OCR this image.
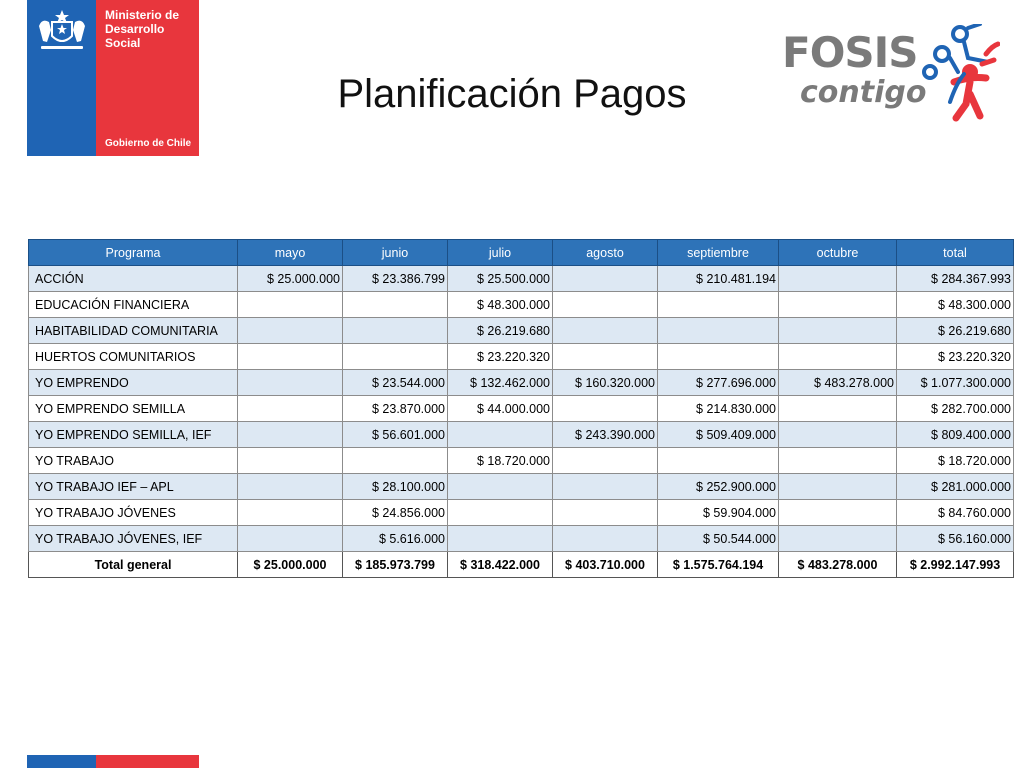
Ministerio de
Desarrollo
Social
Gobierno de Chile
FOSIS
contigo
Planificación Pagos
Programa	mayo	junio	julio	agosto	septiembre	octubre	total
ACCIÓN	$ 25.000.000	$ 23.386.799	$ 25.500.000		$ 210.481.194		$ 284.367.993
EDUCACIÓN FINANCIERA			$ 48.300.000				$ 48.300.000
HABITABILIDAD COMUNITARIA			$ 26.219.680				$ 26.219.680
HUERTOS COMUNITARIOS			$ 23.220.320				$ 23.220.320
YO EMPRENDO		$ 23.544.000	$ 132.462.000	$ 160.320.000	$ 277.696.000	$ 483.278.000	$ 1.077.300.000
YO EMPRENDO SEMILLA		$ 23.870.000	$ 44.000.000		$ 214.830.000		$ 282.700.000
YO EMPRENDO SEMILLA, IEF		$ 56.601.000		$ 243.390.000	$ 509.409.000		$ 809.400.000
YO TRABAJO			$ 18.720.000				$ 18.720.000
YO TRABAJO IEF – APL		$ 28.100.000			$ 252.900.000		$ 281.000.000
YO TRABAJO JÓVENES		$ 24.856.000			$ 59.904.000		$ 84.760.000
YO TRABAJO JÓVENES, IEF		$ 5.616.000			$ 50.544.000		$ 56.160.000
Total general	$ 25.000.000	$ 185.973.799	$ 318.422.000	$ 403.710.000	$ 1.575.764.194	$ 483.278.000	$ 2.992.147.993
